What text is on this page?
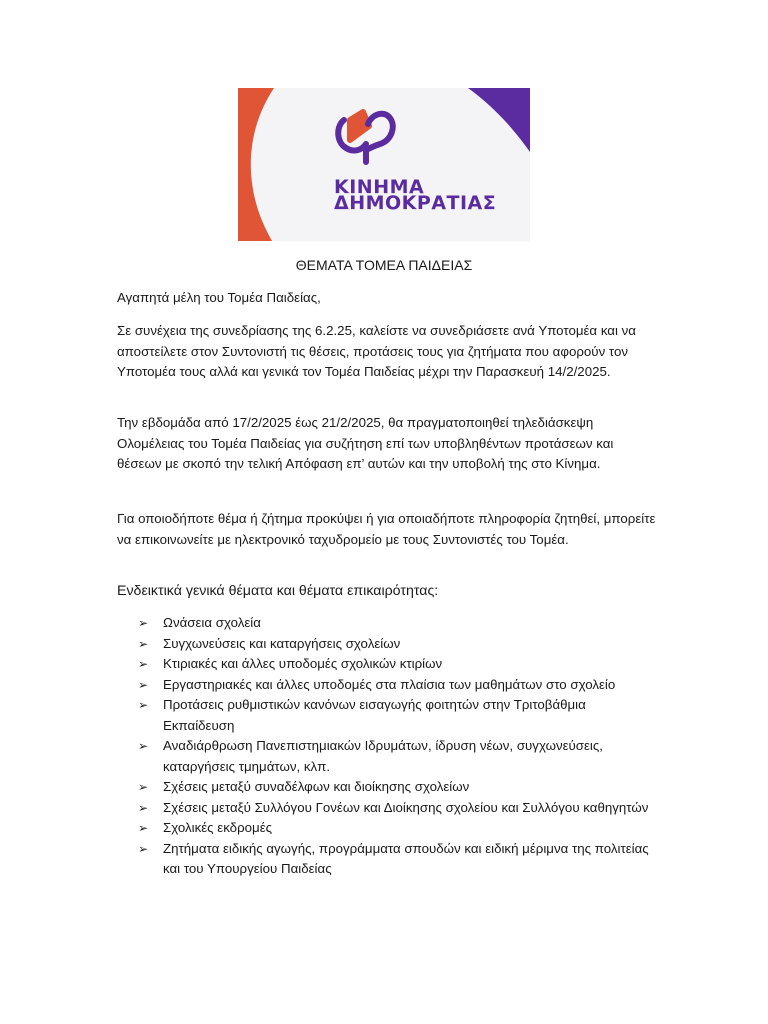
ΚΙΝΗΜΑ
ΔΗΜΟΚΡΑΤΙΑΣ
ΘΕΜΑΤΑ ΤΟΜΕΑ ΠΑΙΔΕΙΑΣ

Αγαπητά μέλη του Τομέα Παιδείας,

Σε συνέχεια της συνεδρίασης της 6.2.25, καλείστε να συνεδριάσετε ανά Υποτομέα και να αποστείλετε στον Συντονιστή τις θέσεις, προτάσεις τους για ζητήματα που αφορούν τον Υποτομέα τους αλλά και γενικά τον Τομέα Παιδείας μέχρι την Παρασκευή 14/2/2025.

Την εβδομάδα από 17/2/2025 έως 21/2/2025, θα πραγματοποιηθεί τηλεδιάσκεψη Ολομέλειας του Τομέα Παιδείας για συζήτηση επί των υποβληθέντων προτάσεων και θέσεων με σκοπό την τελική Απόφαση επ’ αυτών και την υποβολή της στο Κίνημα.

Για οποιοδήποτε θέμα ή ζήτημα προκύψει ή για οποιαδήποτε πληροφορία ζητηθεί, μπορείτε να επικοινωνείτε με ηλεκτρονικό ταχυδρομείο με τους Συντονιστές του Τομέα.

Ενδεικτικά γενικά θέματα και θέματα επικαιρότητας:
➢ Ωνάσεια σχολεία
➢ Συγχωνεύσεις και καταργήσεις σχολείων
➢ Κτιριακές και άλλες υποδομές σχολικών κτιρίων
➢ Εργαστηριακές και άλλες υποδομές στα πλαίσια των μαθημάτων στο σχολείο
➢ Προτάσεις ρυθμιστικών κανόνων εισαγωγής φοιτητών στην Τριτοβάθμια Εκπαίδευση
➢ Αναδιάρθρωση Πανεπιστημιακών Ιδρυμάτων, ίδρυση νέων, συγχωνεύσεις, καταργήσεις τμημάτων, κλπ.
➢ Σχέσεις μεταξύ συναδέλφων και διοίκησης σχολείων
➢ Σχέσεις μεταξύ Συλλόγου Γονέων και Διοίκησης σχολείου και Συλλόγου καθηγητών
➢ Σχολικές εκδρομές
➢ Ζητήματα ειδικής αγωγής, προγράμματα σπουδών και ειδική μέριμνα της πολιτείας και του Υπουργείου Παιδείας
